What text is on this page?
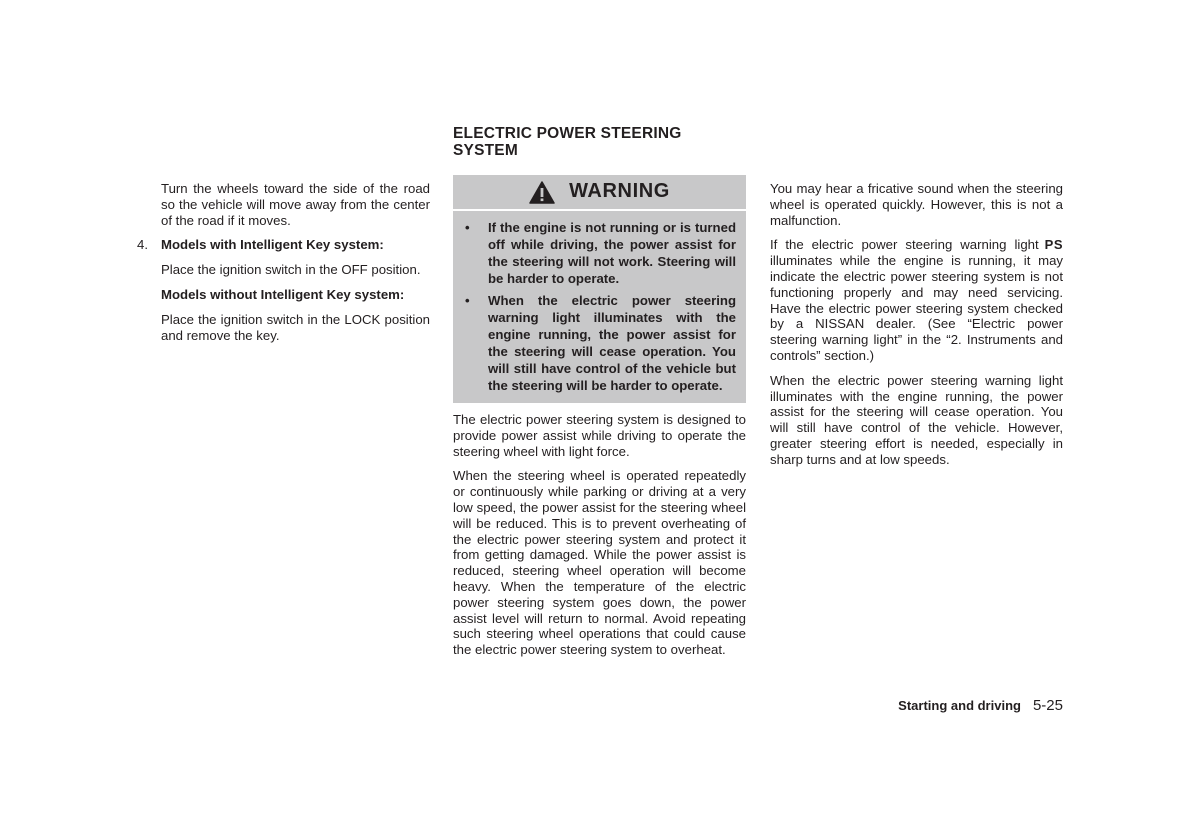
Turn the wheels toward the side of the road so the vehicle will move away from the center of the road if it moves.

4. Models with Intelligent Key system:

Place the ignition switch in the OFF position.

Models without Intelligent Key system:

Place the ignition switch in the LOCK position and remove the key.

ELECTRIC POWER STEERING
SYSTEM
WARNING
• If the engine is not running or is turned off while driving, the power assist for the steering will not work. Steering will be harder to operate.
• When the electric power steering warning light illuminates with the engine running, the power assist for the steering will cease operation. You will still have control of the vehicle but the steering will be harder to operate.

The electric power steering system is designed to provide power assist while driving to operate the steering wheel with light force.

When the steering wheel is operated repeatedly or continuously while parking or driving at a very low speed, the power assist for the steering wheel will be reduced. This is to prevent overheating of the electric power steering system and protect it from getting damaged. While the power assist is reduced, steering wheel operation will become heavy. When the temperature of the electric power steering system goes down, the power assist level will return to normal. Avoid repeating such steering wheel operations that could cause the electric power steering system to overheat.

You may hear a fricative sound when the steering wheel is operated quickly. However, this is not a malfunction.

If the electric power steering warning light PS illuminates while the engine is running, it may indicate the electric power steering system is not functioning properly and may need servicing. Have the electric power steering system checked by a NISSAN dealer. (See “Electric power steering warning light” in the “2. Instruments and controls” section.)

When the electric power steering warning light illuminates with the engine running, the power assist for the steering will cease operation. You will still have control of the vehicle. However, greater steering effort is needed, especially in sharp turns and at low speeds.

Starting and driving 5-25
